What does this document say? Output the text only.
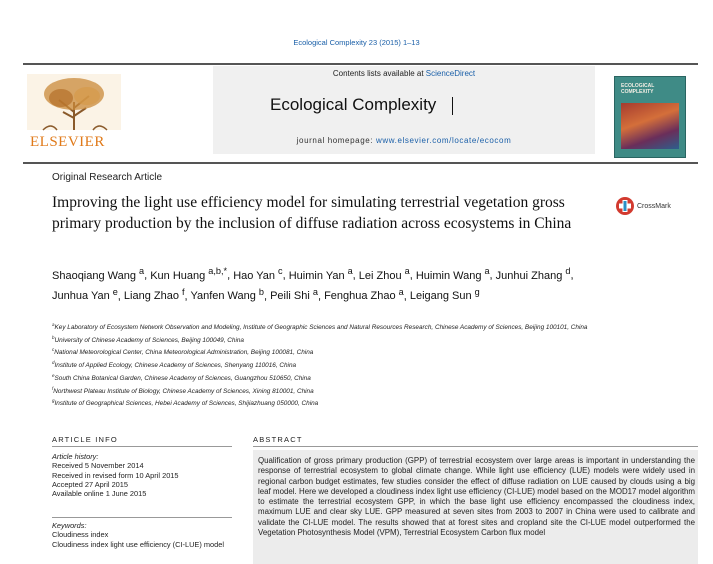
Ecological Complexity 23 (2015) 1–13
ELSEVIER
Contents lists available at ScienceDirect
Ecological Complexity
journal homepage: www.elsevier.com/locate/ecocom
ECOLOGICAL COMPLEXITY
Original Research Article
Improving the light use efficiency model for simulating terrestrial vegetation gross primary production by the inclusion of diffuse radiation across ecosystems in China
CrossMark
Shaoqiang Wang $^a$, Kun Huang $^{a,b,*}$, Hao Yan $^c$, Huimin Yan $^a$, Lei Zhou $^a$, Huimin Wang $^a$, Junhui Zhang $^d$, Junhua Yan $^e$, Liang Zhao $^f$, Yanfen Wang $^b$, Peili Shi $^a$, Fenghua Zhao $^a$, Leigang Sun $^g$
$^a$Key Laboratory of Ecosystem Network Observation and Modeling, Institute of Geographic Sciences and Natural Resources Research, Chinese Academy of Sciences, Beijing 100101, China
$^b$University of Chinese Academy of Sciences, Beijing 100049, China
$^c$National Meteorological Center, China Meteorological Administration, Beijing 100081, China
$^d$Institute of Applied Ecology, Chinese Academy of Sciences, Shenyang 110016, China
$^e$South China Botanical Garden, Chinese Academy of Sciences, Guangzhou 510650, China
$^f$Northwest Plateau Institute of Biology, Chinese Academy of Sciences, Xining 810001, China
$^g$Institute of Geographical Sciences, Hebei Academy of Sciences, Shijiazhuang 050000, China
ARTICLE INFO
Article history:
Received 5 November 2014
Received in revised form 10 April 2015
Accepted 27 April 2015
Available online 1 June 2015
Keywords:
Cloudiness index
Cloudiness index light use efficiency (CI-LUE) model
ABSTRACT
Qualification of gross primary production (GPP) of terrestrial ecosystem over large areas is important in understanding the response of terrestrial ecosystem to global climate change. While light use efficiency (LUE) models were widely used in regional carbon budget estimates, few studies consider the effect of diffuse radiation on LUE caused by clouds using a big leaf model. Here we developed a cloudiness index light use efficiency (CI-LUE) model based on the MOD17 model algorithm to estimate the terrestrial ecosystem GPP, in which the base light use efficiency encompassed the cloudiness index, maximum LUE and clear sky LUE. GPP measured at seven sites from 2003 to 2007 in China were used to calibrate and validate the CI-LUE model. The results showed that at forest sites and cropland site the CI-LUE model outperformed the Vegetation Photosynthesis Model (VPM), Terrestrial Ecosystem Carbon flux model
